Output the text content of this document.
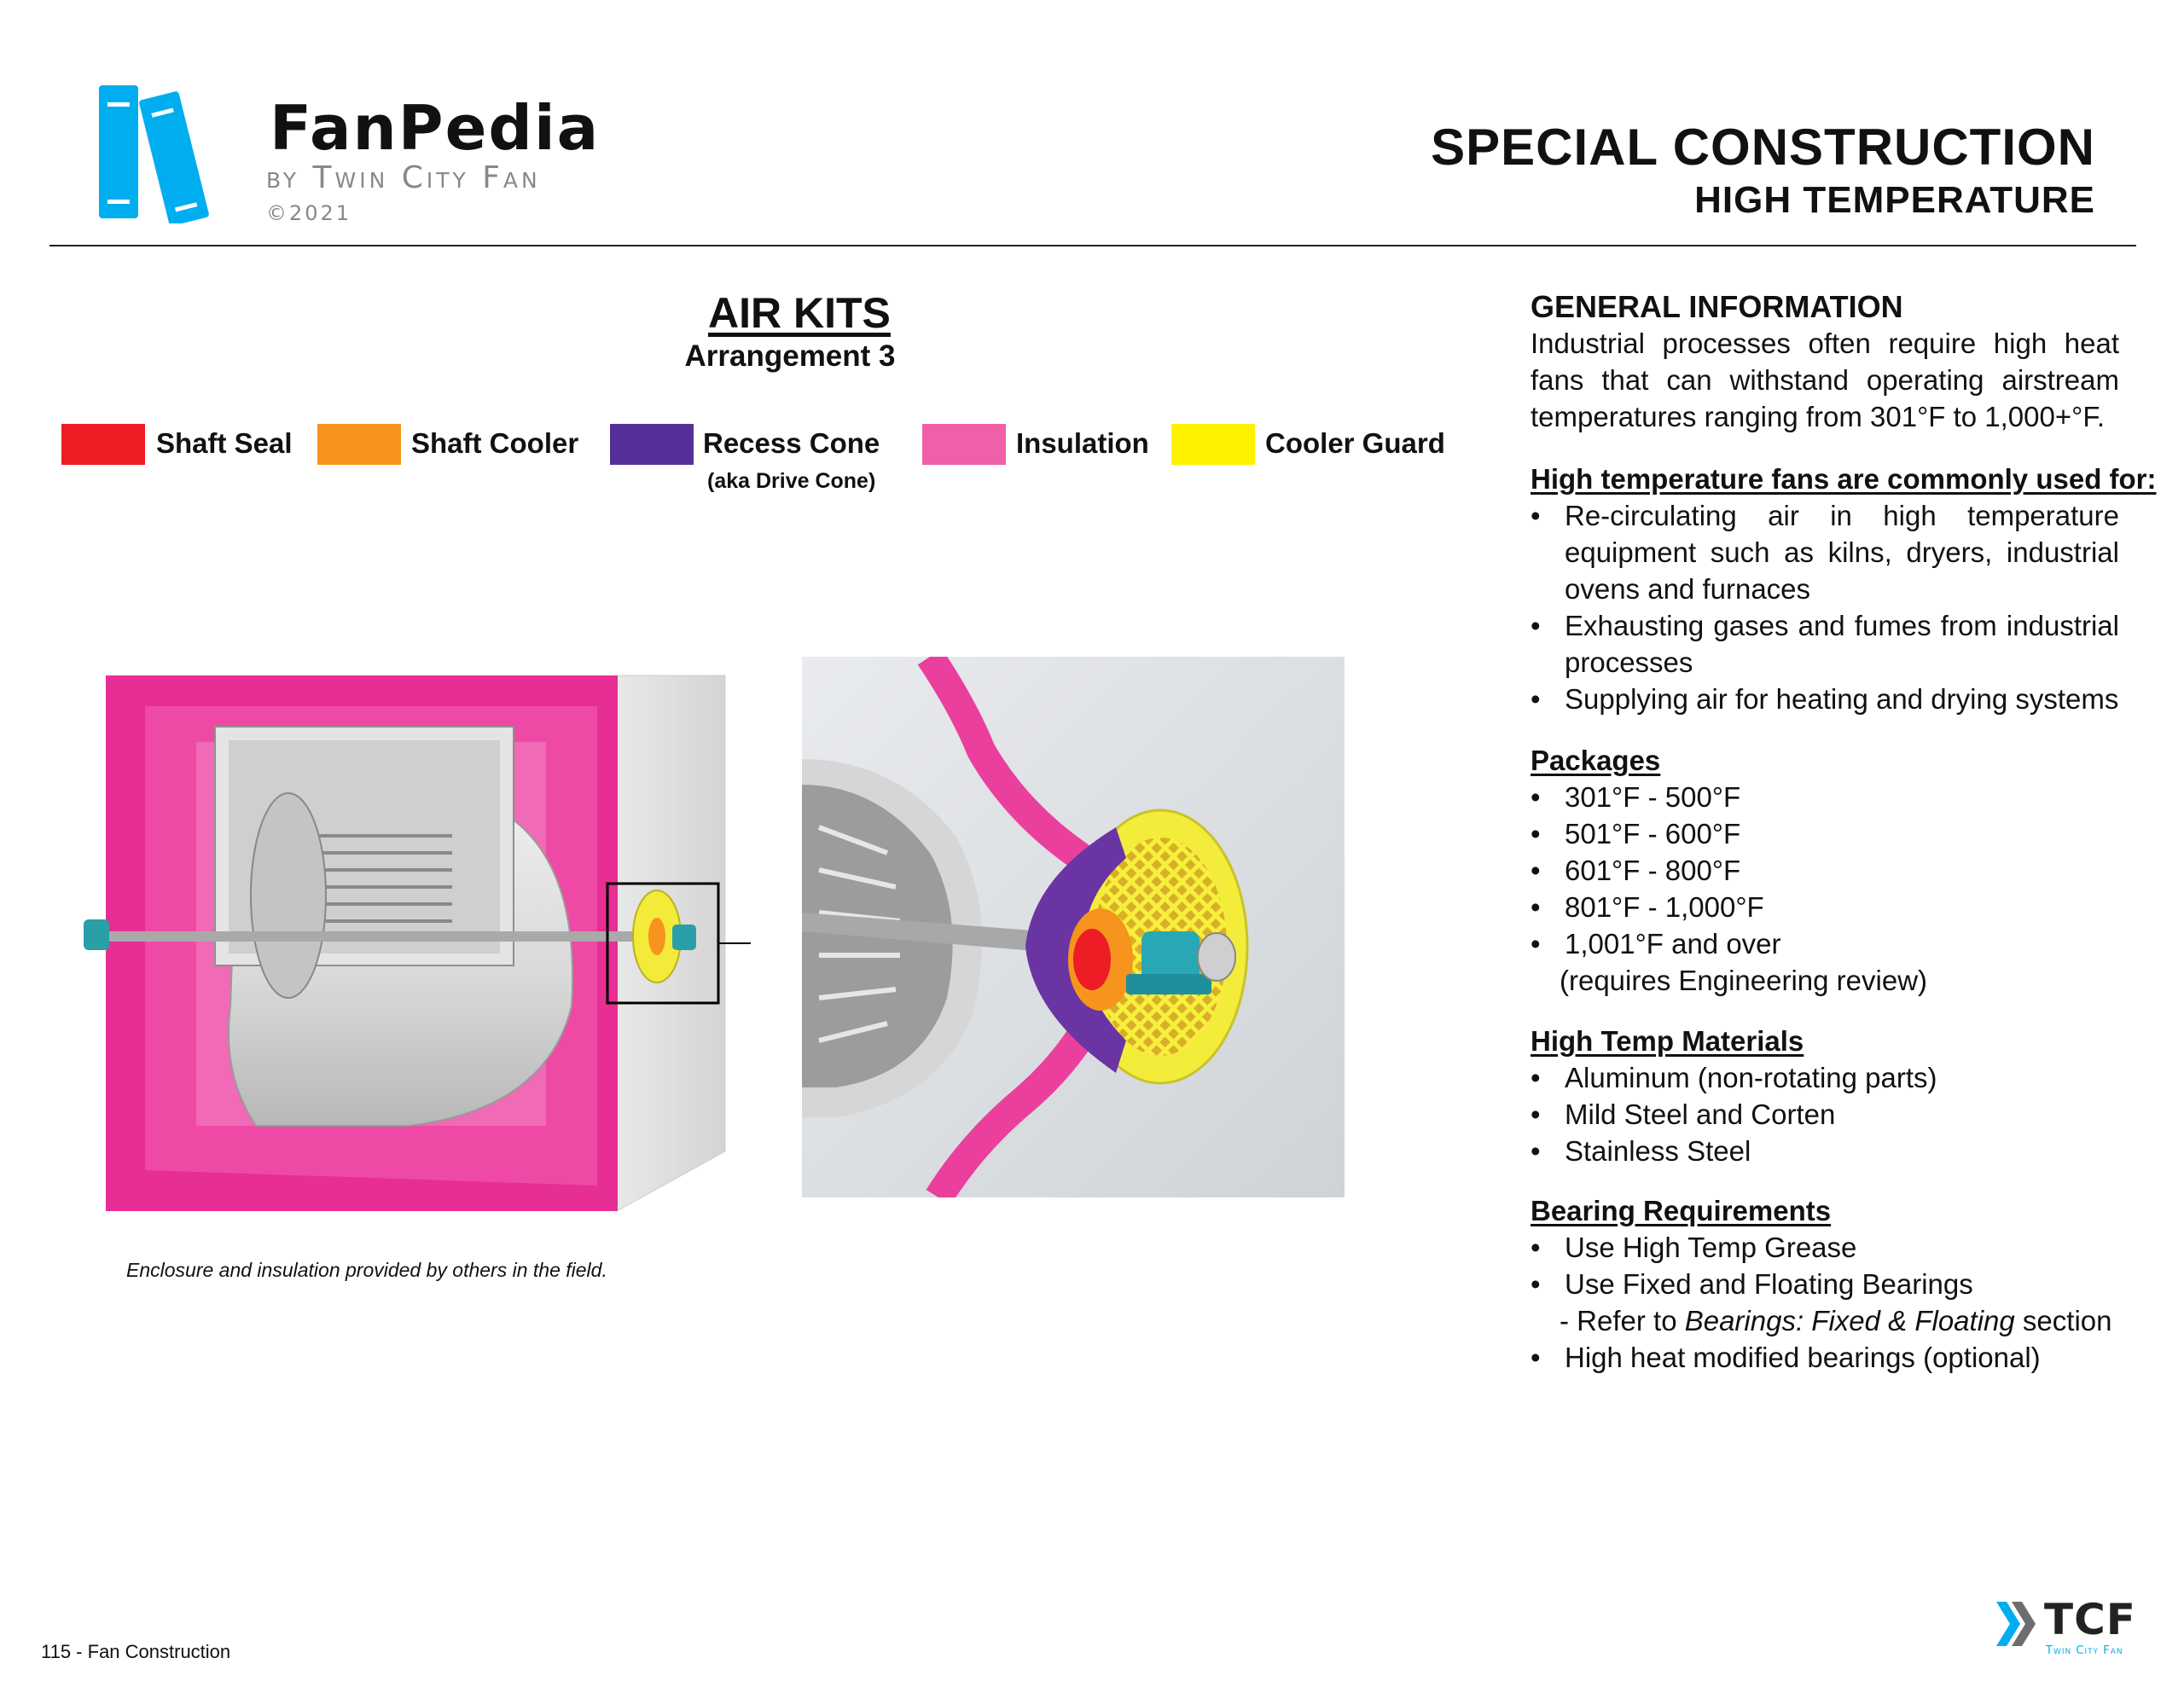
FanPedia
by Twin City Fan
©2021
SPECIAL CONSTRUCTION
HIGH TEMPERATURE
AIR KITS
Arrangement 3
Shaft Seal	Shaft Cooler	Recess Cone
(aka Drive Cone)
Insulation	Cooler Guard
Enclosure and insulation provided by others in the field.
GENERAL INFORMATION
Industrial processes often require high heat fans that can withstand operating airstream temperatures ranging from 301°F to 1,000+°F.
High temperature fans are commonly used for:
• Re-circulating air in high temperature equipment such as kilns, dryers, industrial ovens and furnaces
• Exhausting gases and fumes from industrial processes
• Supplying air for heating and drying systems
Packages
• 301°F - 500°F
• 501°F - 600°F
• 601°F - 800°F
• 801°F - 1,000°F
• 1,001°F and over
(requires Engineering review)
High Temp Materials
• Aluminum (non-rotating parts)
• Mild Steel and Corten
• Stainless Steel
Bearing Requirements
• Use High Temp Grease
• Use Fixed and Floating Bearings
- Refer to Bearings: Fixed & Floating section
• High heat modified bearings (optional)
115 - Fan Construction
TCF
Twin City Fan
